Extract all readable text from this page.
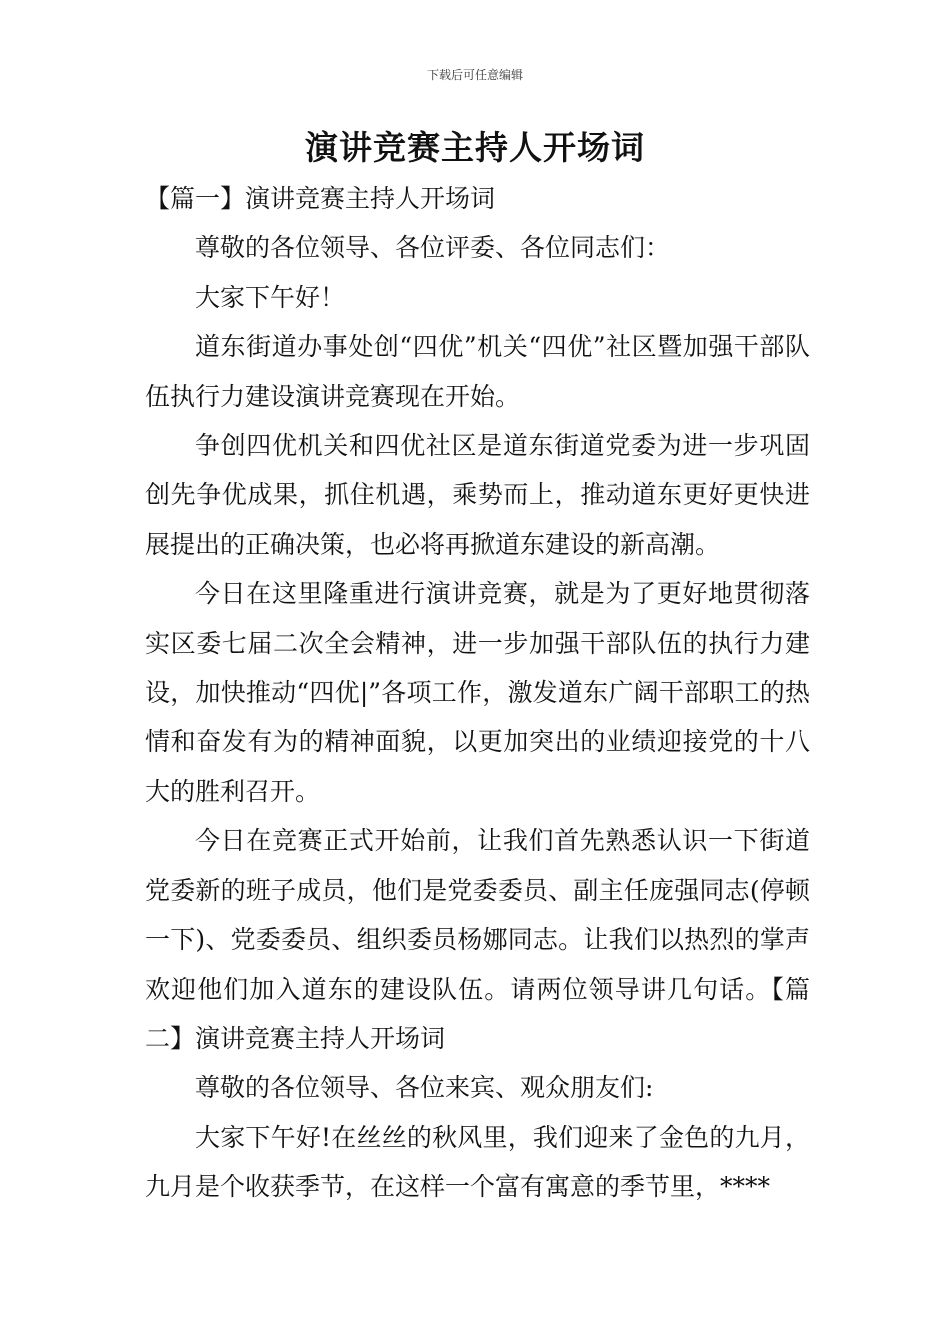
下载后可任意编辑
演讲竞赛主持人开场词

【篇一】演讲竞赛主持人开场词

尊敬的各位领导、各位评委、各位同志们：

大家下午好！

道东街道办事处创“四优”机关“四优”社区暨加强干部队伍执行力建设演讲竞赛现在开始。

争创四优机关和四优社区是道东街道党委为进一步巩固创先争优成果，抓住机遇，乘势而上，推动道东更好更快进展提出的正确决策，也必将再掀道东建设的新高潮。

今日在这里隆重进行演讲竞赛，就是为了更好地贯彻落实区委七届二次全会精神，进一步加强干部队伍的执行力建设，加快推动“四优|”各项工作，激发道东广阔干部职工的热情和奋发有为的精神面貌，以更加突出的业绩迎接党的十八大的胜利召开。

今日在竞赛正式开始前，让我们首先熟悉认识一下街道党委新的班子成员，他们是党委委员、副主任庞强同志(停顿一下)、党委委员、组织委员杨娜同志。让我们以热烈的掌声欢迎他们加入道东的建设队伍。请两位领导讲几句话。【篇二】演讲竞赛主持人开场词

尊敬的各位领导、各位来宾、观众朋友们:

大家下午好!在丝丝的秋风里，我们迎来了金色的九月，九月是个收获季节，在这样一个富有寓意的季节里，****
